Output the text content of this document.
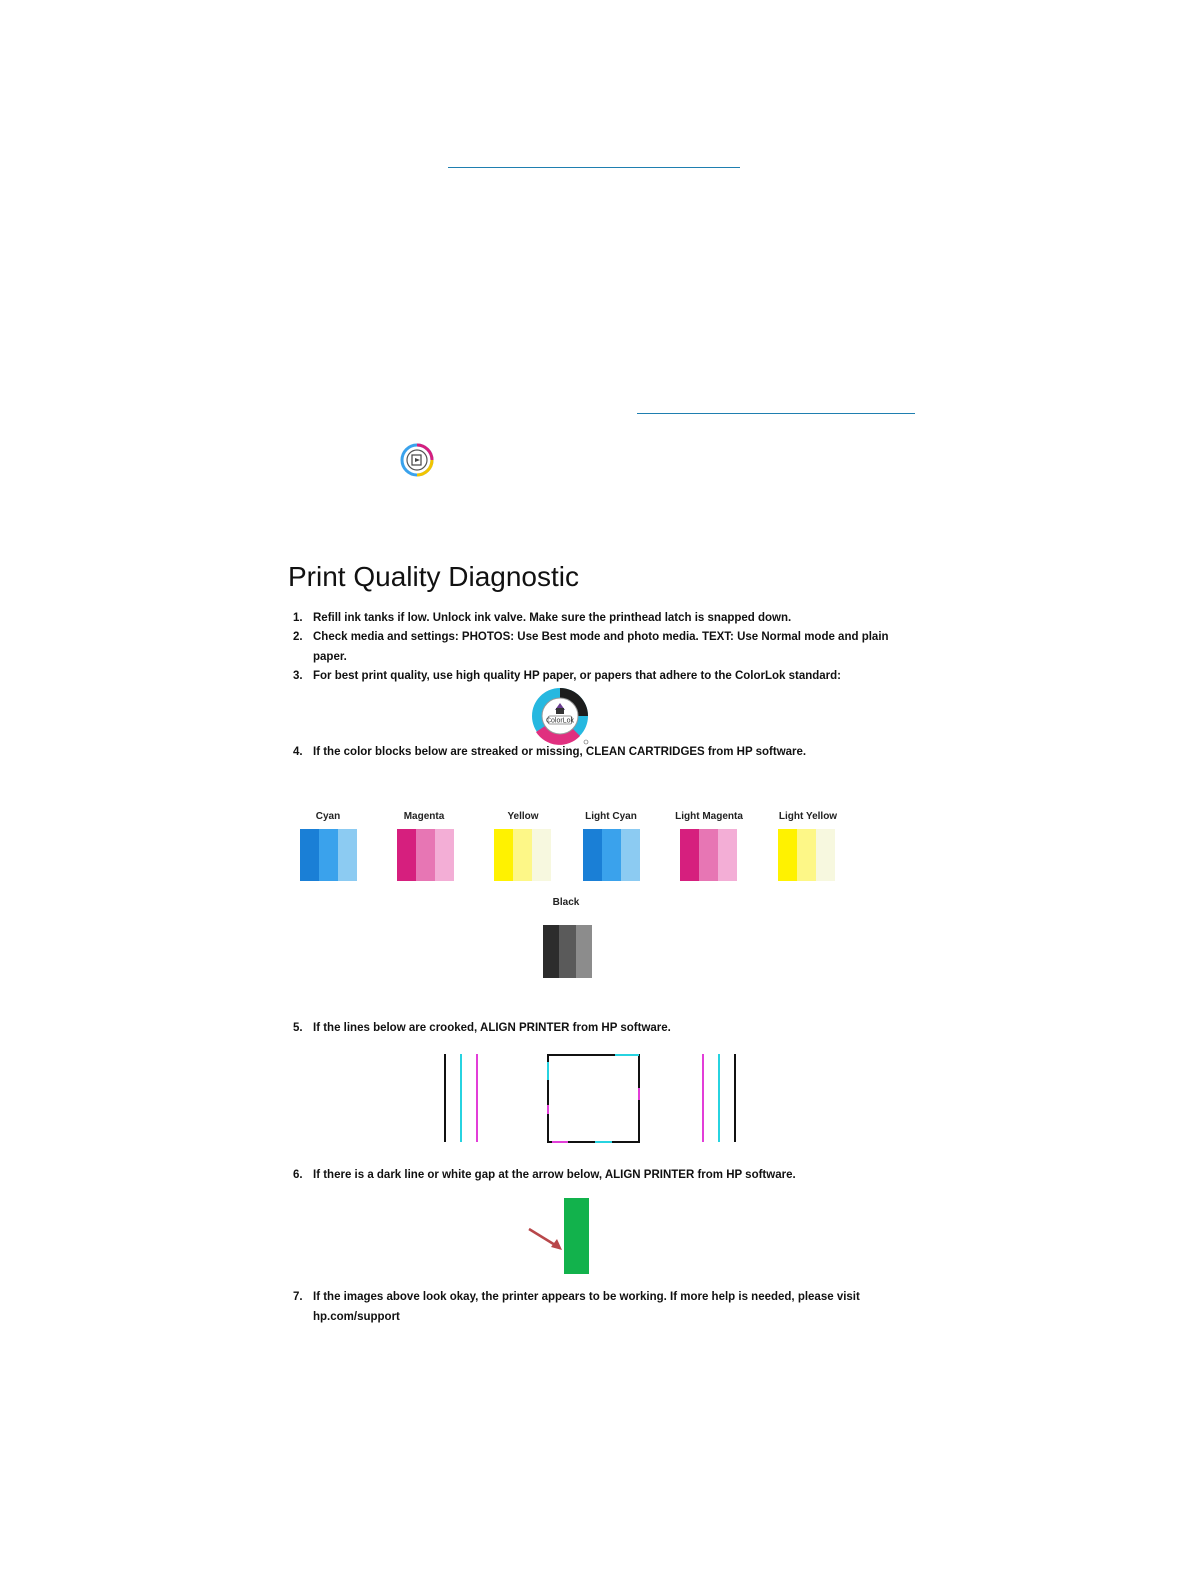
Print Quality Diagnostic
1. Refill ink tanks if low. Unlock ink valve. Make sure the printhead latch is snapped down.
2. Check media and settings: PHOTOS: Use Best mode and photo media. TEXT: Use Normal mode and plain paper.
3. For best print quality, use high quality HP paper, or papers that adhere to the ColorLok standard:
ColorLok
4. If the color blocks below are streaked or missing, CLEAN CARTRIDGES from HP software.
Cyan	Magenta	Yellow	Light Cyan	Light Magenta	Light Yellow
Black
5. If the lines below are crooked, ALIGN PRINTER from HP software.
6. If there is a dark line or white gap at the arrow below, ALIGN PRINTER from HP software.
7. If the images above look okay, the printer appears to be working. If more help is needed, please visit hp.com/support
